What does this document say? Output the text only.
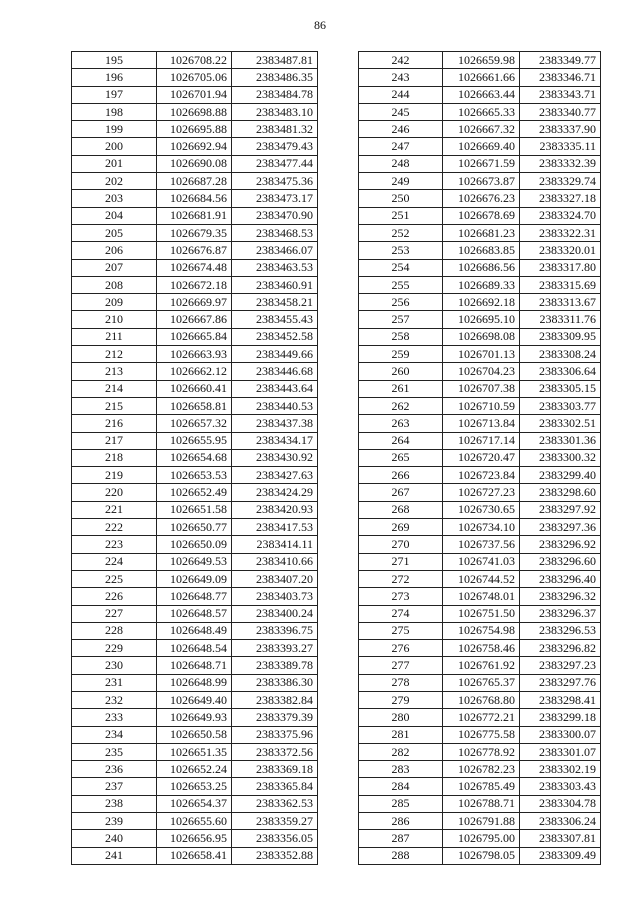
86
195	1026708.22	2383487.81
196	1026705.06	2383486.35
197	1026701.94	2383484.78
198	1026698.88	2383483.10
199	1026695.88	2383481.32
200	1026692.94	2383479.43
201	1026690.08	2383477.44
202	1026687.28	2383475.36
203	1026684.56	2383473.17
204	1026681.91	2383470.90
205	1026679.35	2383468.53
206	1026676.87	2383466.07
207	1026674.48	2383463.53
208	1026672.18	2383460.91
209	1026669.97	2383458.21
210	1026667.86	2383455.43
211	1026665.84	2383452.58
212	1026663.93	2383449.66
213	1026662.12	2383446.68
214	1026660.41	2383443.64
215	1026658.81	2383440.53
216	1026657.32	2383437.38
217	1026655.95	2383434.17
218	1026654.68	2383430.92
219	1026653.53	2383427.63
220	1026652.49	2383424.29
221	1026651.58	2383420.93
222	1026650.77	2383417.53
223	1026650.09	2383414.11
224	1026649.53	2383410.66
225	1026649.09	2383407.20
226	1026648.77	2383403.73
227	1026648.57	2383400.24
228	1026648.49	2383396.75
229	1026648.54	2383393.27
230	1026648.71	2383389.78
231	1026648.99	2383386.30
232	1026649.40	2383382.84
233	1026649.93	2383379.39
234	1026650.58	2383375.96
235	1026651.35	2383372.56
236	1026652.24	2383369.18
237	1026653.25	2383365.84
238	1026654.37	2383362.53
239	1026655.60	2383359.27
240	1026656.95	2383356.05
241	1026658.41	2383352.88
242	1026659.98	2383349.77
243	1026661.66	2383346.71
244	1026663.44	2383343.71
245	1026665.33	2383340.77
246	1026667.32	2383337.90
247	1026669.40	2383335.11
248	1026671.59	2383332.39
249	1026673.87	2383329.74
250	1026676.23	2383327.18
251	1026678.69	2383324.70
252	1026681.23	2383322.31
253	1026683.85	2383320.01
254	1026686.56	2383317.80
255	1026689.33	2383315.69
256	1026692.18	2383313.67
257	1026695.10	2383311.76
258	1026698.08	2383309.95
259	1026701.13	2383308.24
260	1026704.23	2383306.64
261	1026707.38	2383305.15
262	1026710.59	2383303.77
263	1026713.84	2383302.51
264	1026717.14	2383301.36
265	1026720.47	2383300.32
266	1026723.84	2383299.40
267	1026727.23	2383298.60
268	1026730.65	2383297.92
269	1026734.10	2383297.36
270	1026737.56	2383296.92
271	1026741.03	2383296.60
272	1026744.52	2383296.40
273	1026748.01	2383296.32
274	1026751.50	2383296.37
275	1026754.98	2383296.53
276	1026758.46	2383296.82
277	1026761.92	2383297.23
278	1026765.37	2383297.76
279	1026768.80	2383298.41
280	1026772.21	2383299.18
281	1026775.58	2383300.07
282	1026778.92	2383301.07
283	1026782.23	2383302.19
284	1026785.49	2383303.43
285	1026788.71	2383304.78
286	1026791.88	2383306.24
287	1026795.00	2383307.81
288	1026798.05	2383309.49
